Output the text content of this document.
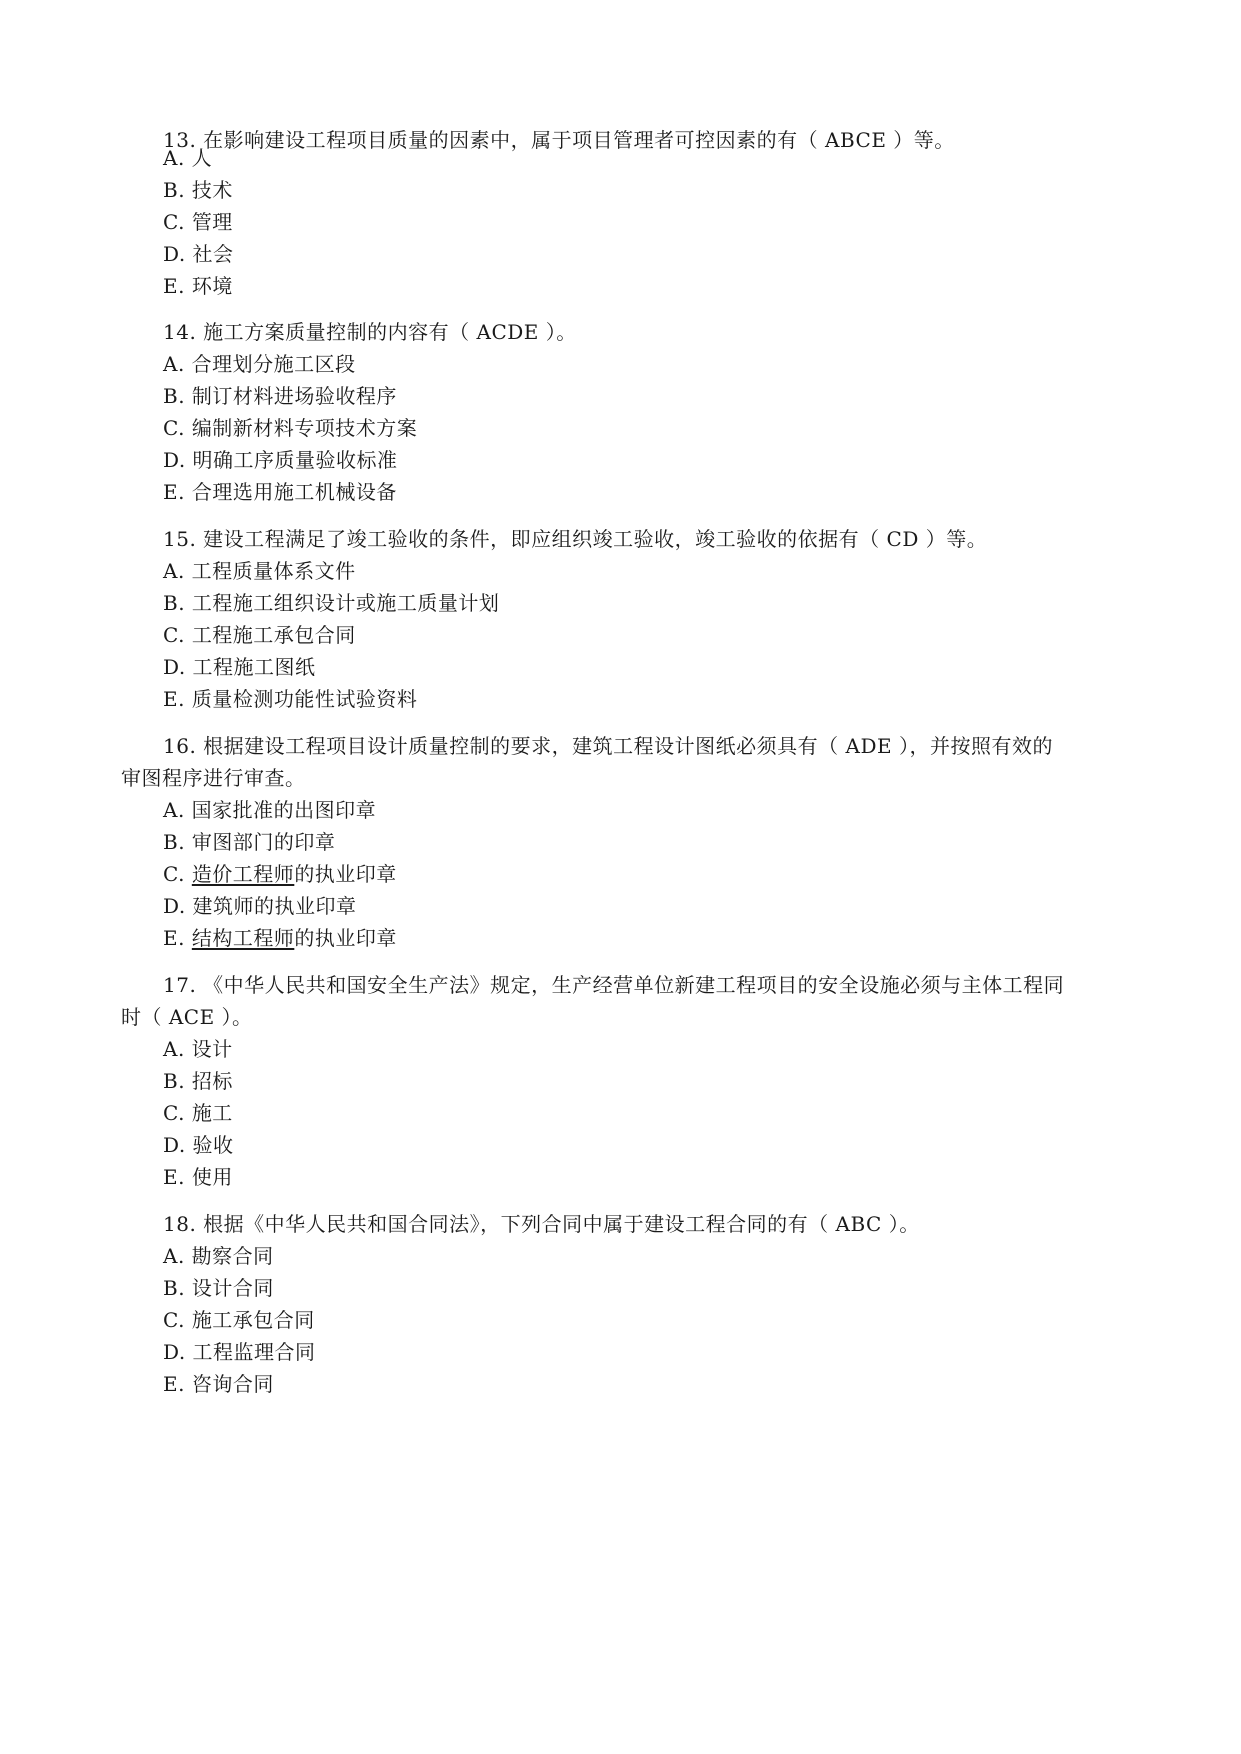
13. 在影响建设工程项目质量的因素中，属于项目管理者可控因素的有（ ABCE ）等。
A. 人
B. 技术
C. 管理
D. 社会
E. 环境
14. 施工方案质量控制的内容有（ ACDE ）。
A. 合理划分施工区段
B. 制订材料进场验收程序
C. 编制新材料专项技术方案
D. 明确工序质量验收标准
E. 合理选用施工机械设备
15. 建设工程满足了竣工验收的条件，即应组织竣工验收，竣工验收的依据有（ CD ）等。
A. 工程质量体系文件
B. 工程施工组织设计或施工质量计划
C. 工程施工承包合同
D. 工程施工图纸
E. 质量检测功能性试验资料
16. 根据建设工程项目设计质量控制的要求，建筑工程设计图纸必须具有（ ADE ），并按照有效的
审图程序进行审查。
A. 国家批准的出图印章
B. 审图部门的印章
C. 造价工程师的执业印章
D. 建筑师的执业印章
E. 结构工程师的执业印章
17. 《中华人民共和国安全生产法》规定，生产经营单位新建工程项目的安全设施必须与主体工程同
时（ ACE ）。
A. 设计
B. 招标
C. 施工
D. 验收
E. 使用
18. 根据《中华人民共和国合同法》，下列合同中属于建设工程合同的有（ ABC ）。
A. 勘察合同
B. 设计合同
C. 施工承包合同
D. 工程监理合同
E. 咨询合同
